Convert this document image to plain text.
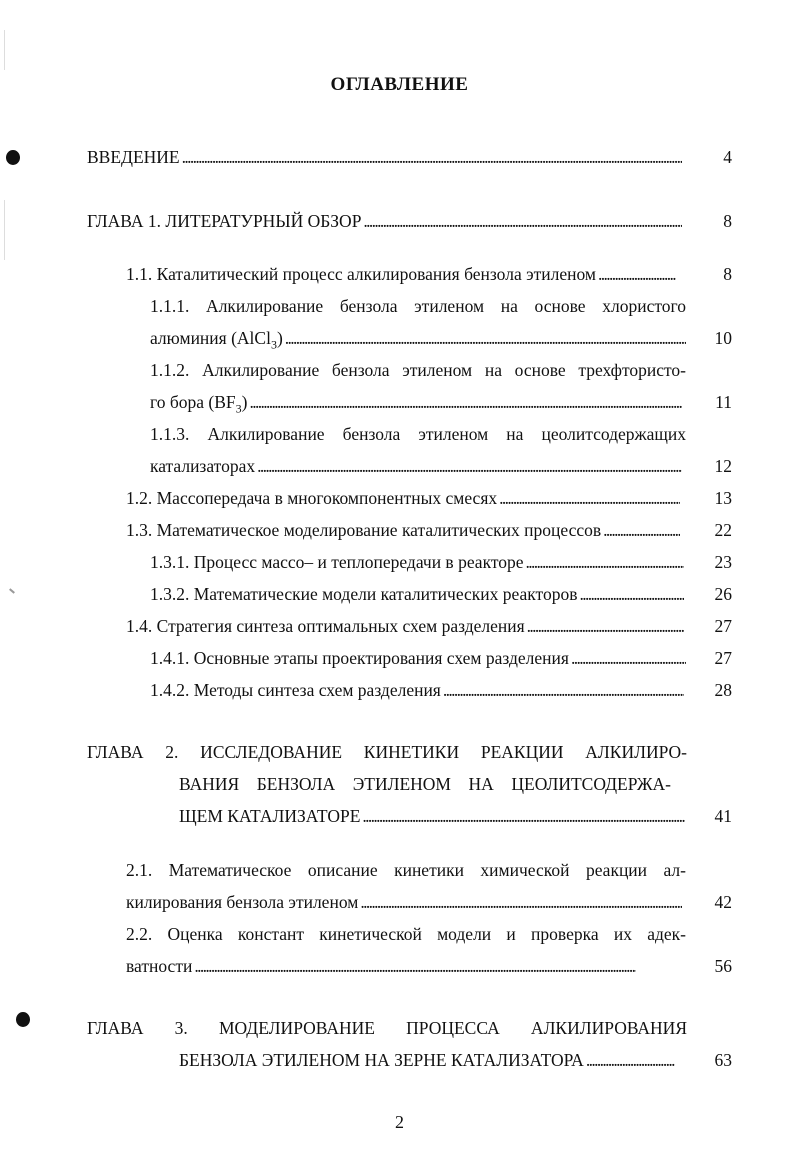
ОГЛАВЛЕНИЕ
ВВЕДЕНИЕ . . .	4
ГЛАВА 1. ЛИТЕРАТУРНЫЙ ОБЗОР . . .	8
1.1. Каталитический процесс алкилирования бензола этиленом . . .	8
1.1.1. Алкилирование бензола этиленом на основе хлористого
алюминия (AlCl$_3$) . . .	10
1.1.2. Алкилирование бензола этиленом на основе трехфтористо-
го бора $(BF_3)$ . . .	11
1.1.3. Алкилирование бензола этиленом на цеолитсодержащих
катализаторах . . .	12
1.2. Массопередача в многокомпонентных смесях . . .	13
1.3. Математическое моделирование каталитических процессов . . .	22
1.3.1. Процесс массо– и теплопередачи в реакторе . . .	23
1.3.2. Математические модели каталитических реакторов . . .	26
1.4. Стратегия синтеза оптимальных схем разделения . . .	27
1.4.1. Основные этапы проектирования схем разделения . . .	27
1.4.2. Методы синтеза схем разделения . . .	28
ГЛАВА 2. ИССЛЕДОВАНИЕ КИНЕТИКИ РЕАКЦИИ АЛКИЛИРО-
ВАНИЯ БЕНЗОЛА ЭТИЛЕНОМ НА ЦЕОЛИТСОДЕРЖА-
ЩЕМ КАТАЛИЗАТОРЕ . . .	41
2.1. Математическое описание кинетики химической реакции ал-
килирования бензола этиленом . . .	42
2.2. Оценка констант кинетической модели и проверка их адек-
ватности . . .	56
ГЛАВА 3. МОДЕЛИРОВАНИЕ ПРОЦЕССА АЛКИЛИРОВАНИЯ
БЕНЗОЛА ЭТИЛЕНОМ НА ЗЕРНЕ КАТАЛИЗАТОРА . . .	63
2
